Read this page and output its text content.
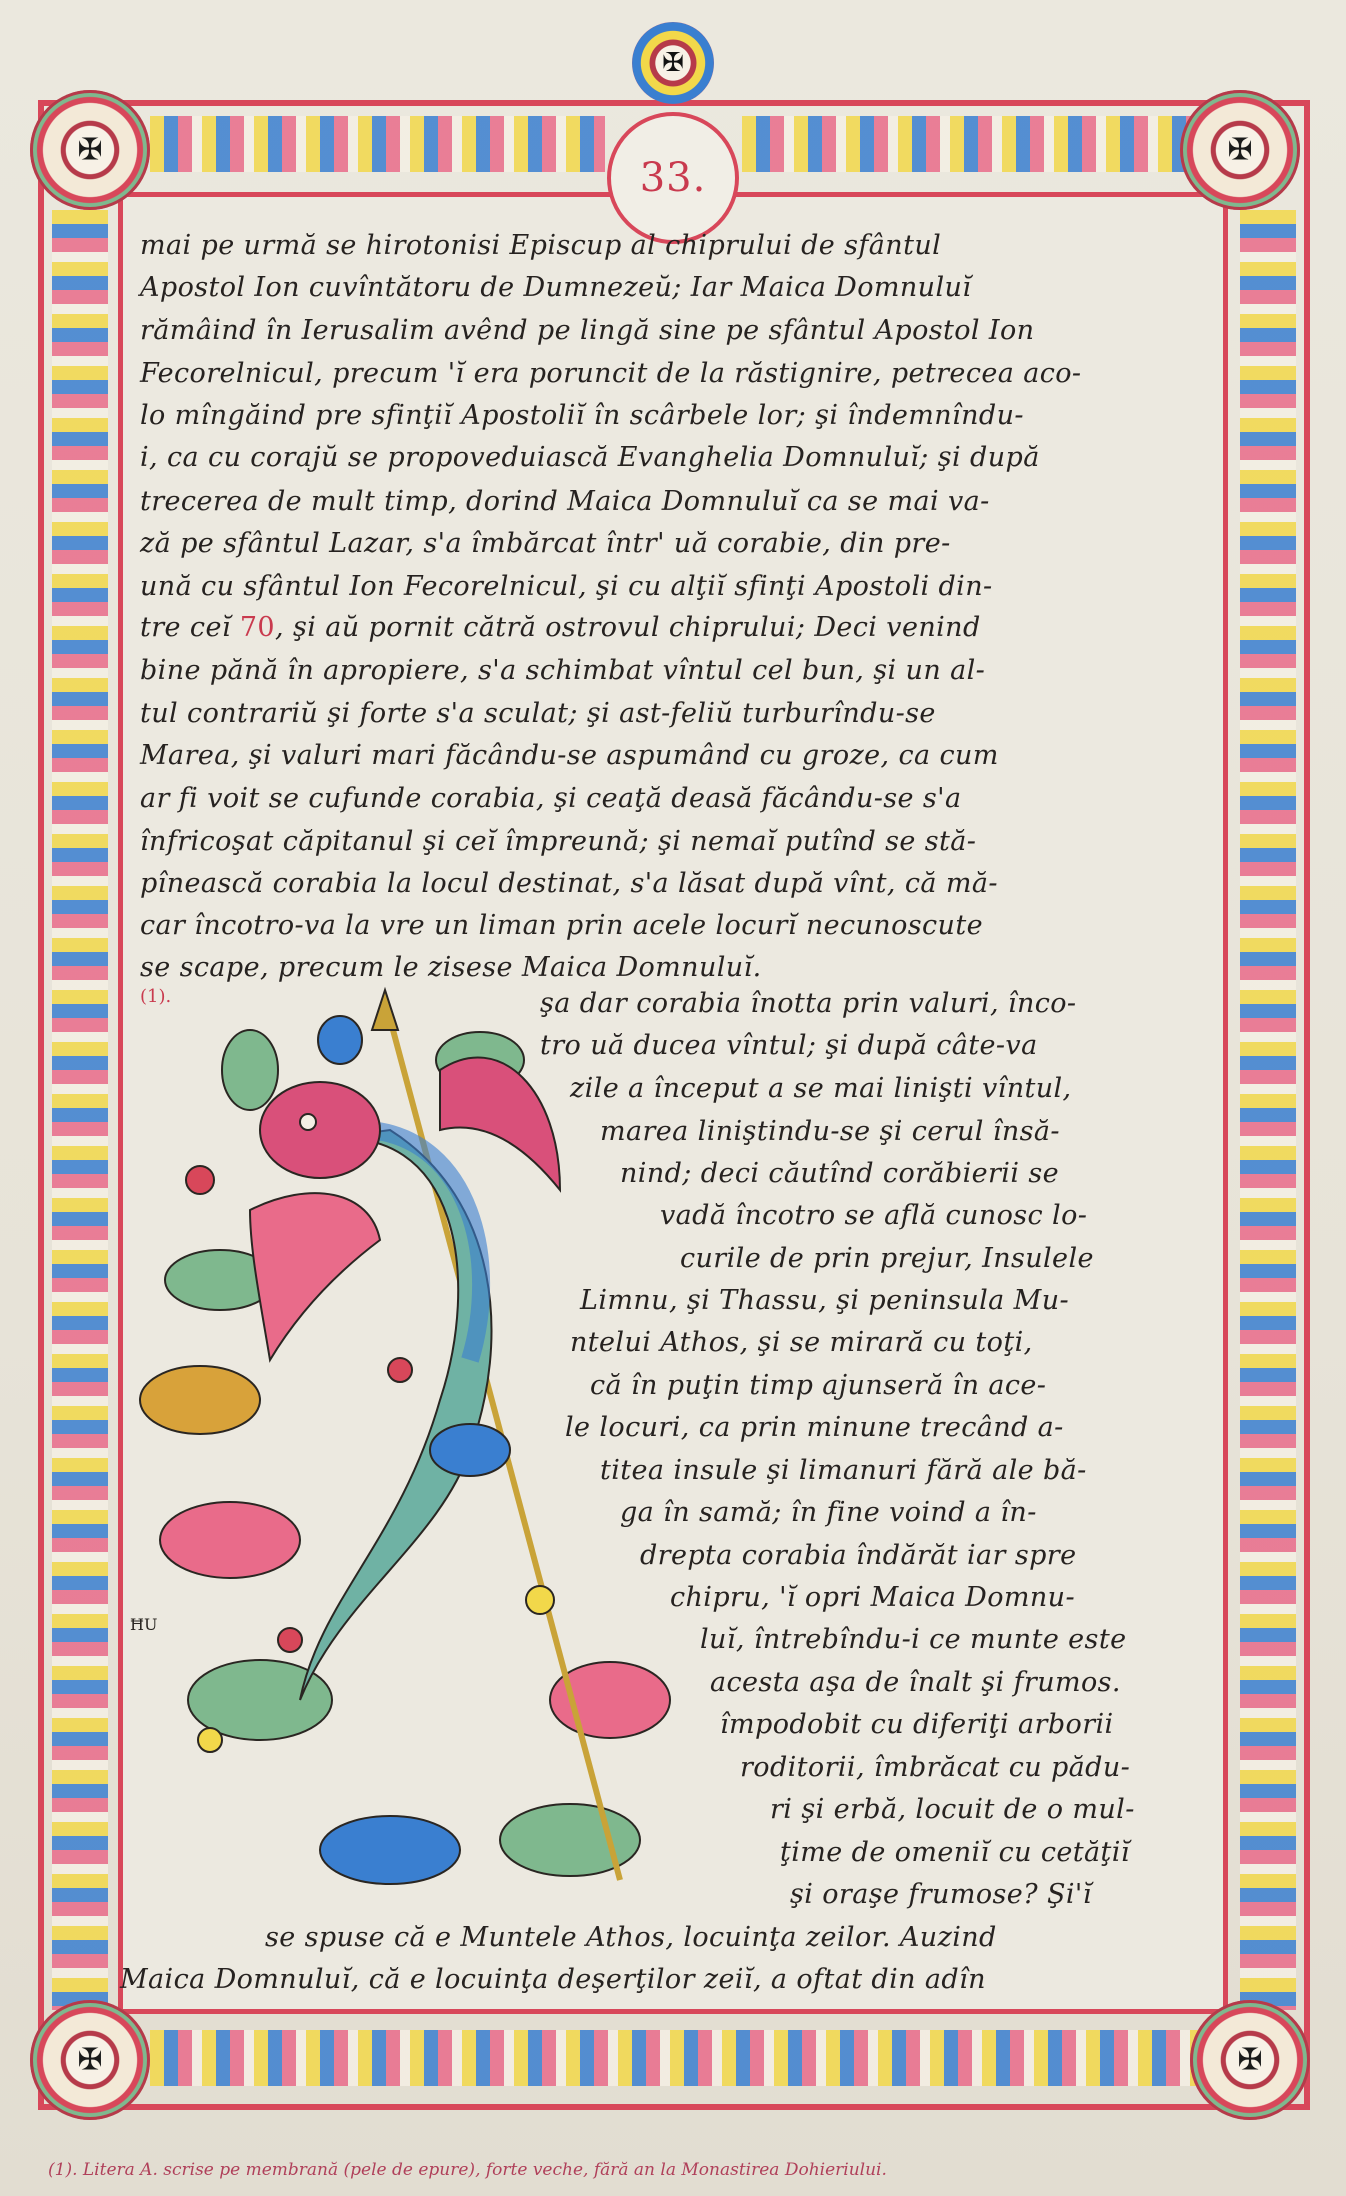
✠	✠
✠	✠
✠
33.
mai pe urmă se hirotonisi Episcup al chiprului de sfântul
Apostol Ion cuvîntătoru de Dumnezeŭ; Iar Maica Domnuluĭ
rămâind în Ierusalim avênd pe lingă sine pe sfântul Apostol Ion
Fecorelnicul, precum 'ĭ era poruncit de la răstignire, petrecea aco-
lo mîngăind pre sfinţiĭ Apostoliĭ în scârbele lor; şi îndemnîndu-
i, ca cu corajŭ se propoveduiască Evanghelia Domnuluĭ; şi după
trecerea de mult timp, dorind Maica Domnuluĭ ca se mai va-
ză pe sfântul Lazar, s'a îmbărcat într' uă corabie, din pre-
ună cu sfântul Ion Fecorelnicul, şi cu alţiĭ sfinţi Apostoli din-
tre ceĭ 70, şi aŭ pornit cătră ostrovul chiprului; Deci venind
bine pănă în apropiere, s'a schimbat vîntul cel bun, şi un al-
tul contrariŭ şi forte s'a sculat; şi ast-feliŭ turburîndu-se
Marea, şi valuri mari făcându-se aspumând cu groze, ca cum
ar fi voit se cufunde corabia, şi ceaţă deasă făcându-se s'a
înfricoşat căpitanul şi ceĭ împreună; şi nemaĭ putînd se stă-
pînească corabia la locul destinat, s'a lăsat după vînt, că mă-
car încotro-va la vre un liman prin acele locurĭ necunoscute
se scape, precum le zisese Maica Domnuluĭ.
(1).
ĦU
şa dar corabia înotta prin valuri, înco-
tro uă ducea vîntul; şi după câte-va
zile a început a se mai linişti vîntul,
marea liniştindu-se şi cerul însă-
nind; deci căutînd corăbierii se
vadă încotro se află cunosc lo-
curile de prin prejur, Insulele
Limnu, şi Thassu, şi peninsula Mu-
ntelui Athos, şi se mirară cu toţi,
că în puţin timp ajunseră în ace-
le locuri, ca prin minune trecând a-
titea insule şi limanuri fără ale bă-
ga în samă; în fine voind a în-
drepta corabia îndărăt iar spre
chipru, 'ĭ opri Maica Domnu-
luĭ, întrebîndu-i ce munte este
acesta aşa de înalt şi frumos.
împodobit cu diferiţi arborii
roditorii, îmbrăcat cu pădu-
ri şi erbă, locuit de o mul-
ţime de omeniĭ cu cetăţiĭ
şi oraşe frumose? Şi'ĭ
se spuse că e Muntele Athos, locuinţa zeilor. Auzind
Maica Domnuluĭ, că e locuinţa deşerţilor zeiĭ, a oftat din adîn
(1). Litera A. scrise pe membrană (pele de epure), forte veche, fără an la Monastirea Dohieriului.
